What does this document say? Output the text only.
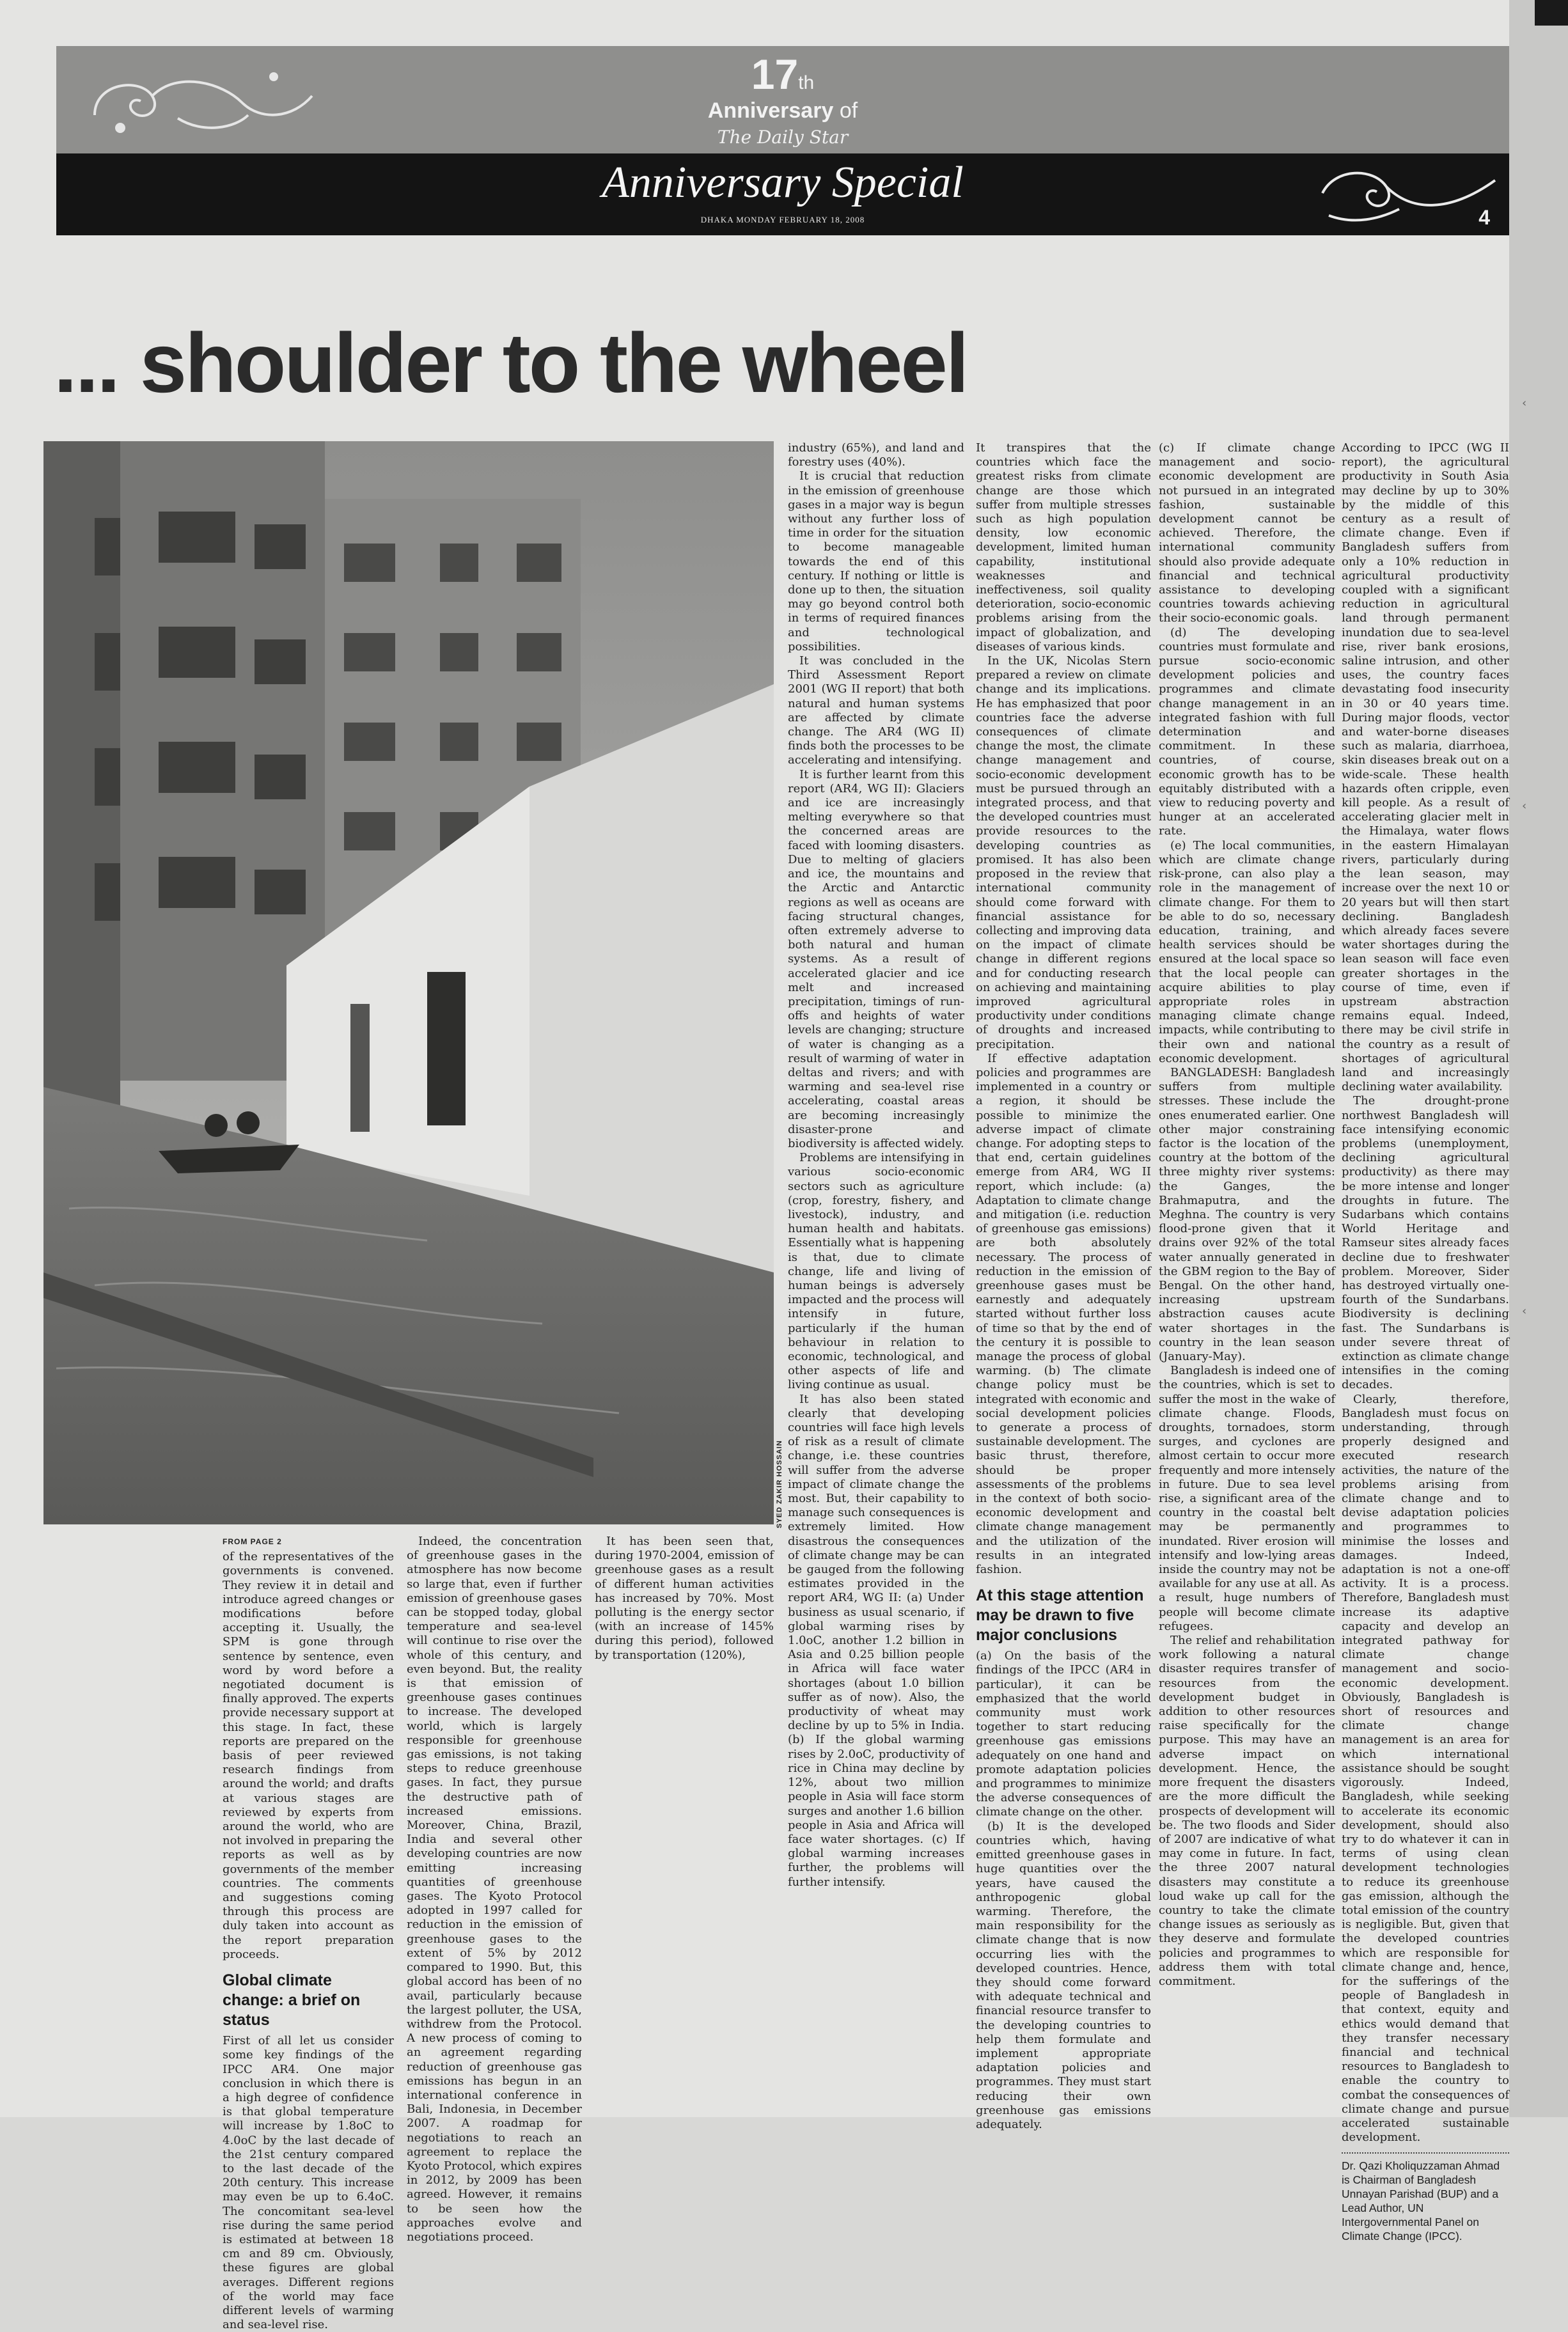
17th
Anniversary of
The Daily Star
Anniversary Special
DHAKA MONDAY FEBRUARY 18, 2008	4
... shoulder to the wheel
SYED ZAKIR HOSSAIN

industry (65%), and land and forestry uses (40%).

It is crucial that reduction in the emission of greenhouse gases in a major way is begun without any further loss of time in order for the situation to become manageable towards the end of this century. If nothing or little is done up to then, the situation may go beyond control both in terms of required finances and technological possibilities.

It was concluded in the Third Assessment Report 2001 (WG II report) that both natural and human systems are affected by climate change. The AR4 (WG II) finds both the processes to be accelerating and intensifying.

It is further learnt from this report (AR4, WG II): Glaciers and ice are increasingly melting everywhere so that the concerned areas are faced with looming disasters. Due to melting of glaciers and ice, the mountains and the Arctic and Antarctic regions as well as oceans are facing structural changes, often extremely adverse to both natural and human systems. As a result of accelerated glacier and ice melt and increased precipitation, timings of run-offs and heights of water levels are changing; structure of water is changing as a result of warming of water in deltas and rivers; and with warming and sea-level rise accelerating, coastal areas are becoming increasingly disaster-prone and biodiversity is affected widely.

Problems are intensifying in various socio-economic sectors such as agriculture (crop, forestry, fishery, and livestock), industry, and human health and habitats. Essentially what is happening is that, due to climate change, life and living of human beings is adversely impacted and the process will intensify in future, particularly if the human behaviour in relation to economic, technological, and other aspects of life and living continue as usual.

It has also been stated clearly that developing countries will face high levels of risk as a result of climate change, i.e. these countries will suffer from the adverse impact of climate change the most. But, their capability to manage such consequences is extremely limited. How disastrous the consequences of climate change may be can be gauged from the following estimates provided in the report AR4, WG II: (a) Under business as usual scenario, if global warming rises by 1.0oC, another 1.2 billion in Asia and 0.25 billion people in Africa will face water shortages (about 1.0 billion suffer as of now). Also, the productivity of wheat may decline by up to 5% in India. (b) If the global warming rises by 2.0oC, productivity of rice in China may decline by 12%, about two million people in Asia will face storm surges and another 1.6 billion people in Asia and Africa will face water shortages. (c) If global warming increases further, the problems will further intensify.

It transpires that the countries which face the greatest risks from climate change are those which suffer from multiple stresses such as high population density, low economic development, limited human capability, institutional weaknesses and ineffectiveness, soil quality deterioration, socio-economic problems arising from the impact of globalization, and diseases of various kinds.

In the UK, Nicolas Stern prepared a review on climate change and its implications. He has emphasized that poor countries face the adverse consequences of climate change the most, the climate change management and socio-economic development must be pursued through an integrated process, and that the developed countries must provide resources to the developing countries as promised. It has also been proposed in the review that international community should come forward with financial assistance for collecting and improving data on the impact of climate change in different regions and for conducting research on achieving and maintaining improved agricultural productivity under conditions of droughts and increased precipitation.

If effective adaptation policies and programmes are implemented in a country or a region, it should be possible to minimize the adverse impact of climate change. For adopting steps to that end, certain guidelines emerge from AR4, WG II report, which include: (a) Adaptation to climate change and mitigation (i.e. reduction of greenhouse gas emissions) are both absolutely necessary. The process of reduction in the emission of greenhouse gases must be earnestly and adequately started without further loss of time so that by the end of the century it is possible to manage the process of global warming. (b) The climate change policy must be integrated with economic and social development policies to generate a process of sustainable development. The basic thrust, therefore, should be proper assessments of the problems in the context of both socio-economic development and climate change management and the utilization of the results in an integrated fashion.

At this stage attention may be drawn to five major conclusions

(a) On the basis of the findings of the IPCC (AR4 in particular), it can be emphasized that the world community must work together to start reducing greenhouse gas emissions adequately on one hand and promote adaptation policies and programmes to minimize the adverse consequences of climate change on the other.

(b) It is the developed countries which, having emitted greenhouse gases in huge quantities over the years, have caused the anthropogenic global warming. Therefore, the main responsibility for the climate change that is now occurring lies with the developed countries. Hence, they should come forward with adequate technical and financial resource transfer to the developing countries to help them formulate and implement appropriate adaptation policies and programmes. They must start reducing their own greenhouse gas emissions adequately.

(c) If climate change management and socio-economic development are not pursued in an integrated fashion, sustainable development cannot be achieved. Therefore, the international community should also provide adequate financial and technical assistance to developing countries towards achieving their socio-economic goals.

(d) The developing countries must formulate and pursue socio-economic development policies and programmes and climate change management in an integrated fashion with full determination and commitment. In these countries, of course, economic growth has to be equitably distributed with a view to reducing poverty and hunger at an accelerated rate.

(e) The local communities, which are climate change risk-prone, can also play a role in the management of climate change. For them to be able to do so, necessary education, training, and health services should be ensured at the local space so that the local people can acquire abilities to play appropriate roles in managing climate change impacts, while contributing to their own and national economic development.

BANGLADESH: Bangladesh suffers from multiple stresses. These include the ones enumerated earlier. One other major constraining factor is the location of the country at the bottom of the three mighty river systems: the Ganges, the Brahmaputra, and the Meghna. The country is very flood-prone given that it drains over 92% of the total water annually generated in the GBM region to the Bay of Bengal. On the other hand, increasing upstream abstraction causes acute water shortages in the country in the lean season (January-May).

Bangladesh is indeed one of the countries, which is set to suffer the most in the wake of climate change. Floods, droughts, tornadoes, storm surges, and cyclones are almost certain to occur more frequently and more intensely in future. Due to sea level rise, a significant area of the country in the coastal belt may be permanently inundated. River erosion will intensify and low-lying areas inside the country may not be available for any use at all. As a result, huge numbers of people will become climate refugees.

The relief and rehabilitation work following a natural disaster requires transfer of resources from the development budget in addition to other resources raise specifically for the purpose. This may have an adverse impact on development. Hence, the more frequent the disasters are the more difficult the prospects of development will be. The two floods and Sider of 2007 are indicative of what may come in future. In fact, the three 2007 natural disasters may constitute a loud wake up call for the country to take the climate change issues as seriously as they deserve and formulate policies and programmes to address them with total commitment.

According to IPCC (WG II report), the agricultural productivity in South Asia may decline by up to 30% by the middle of this century as a result of climate change. Even if Bangladesh suffers from only a 10% reduction in agricultural productivity coupled with a significant reduction in agricultural land through permanent inundation due to sea-level rise, river bank erosions, saline intrusion, and other uses, the country faces devastating food insecurity in 30 or 40 years time. During major floods, vector and water-borne diseases such as malaria, diarrhoea, skin diseases break out on a wide-scale. These health hazards often cripple, even kill people. As a result of accelerating glacier melt in the Himalaya, water flows in the eastern Himalayan rivers, particularly during the lean season, may increase over the next 10 or 20 years but will then start declining. Bangladesh which already faces severe water shortages during the lean season will face even greater shortages in the course of time, even if upstream abstraction remains equal. Indeed, there may be civil strife in the country as a result of shortages of agricultural land and increasingly declining water availability.

The drought-prone northwest Bangladesh will face intensifying economic problems (unemployment, declining agricultural productivity) as there may be more intense and longer droughts in future. The Sudarbans which contains World Heritage and Ramseur sites already faces decline due to freshwater problem. Moreover, Sider has destroyed virtually one-fourth of the Sundarbans. Biodiversity is declining fast. The Sundarbans is under severe threat of extinction as climate change intensifies in the coming decades.

Clearly, therefore, Bangladesh must focus on understanding, through properly designed and executed research activities, the nature of the problems arising from climate change and to devise adaptation policies and programmes to minimise the losses and damages. Indeed, adaptation is not a one-off activity. It is a process. Therefore, Bangladesh must increase its adaptive capacity and develop an integrated pathway for climate change management and socio-economic development. Obviously, Bangladesh is short of resources and climate change management is an area for which international assistance should be sought vigorously. Indeed, Bangladesh, while seeking to accelerate its economic development, should also try to do whatever it can in terms of using clean development technologies to reduce its greenhouse gas emission, although the total emission of the country is negligible. But, given that the developed countries which are responsible for climate change and, hence, for the sufferings of the people of Bangladesh in that context, equity and ethics would demand that they transfer necessary financial and technical resources to Bangladesh to enable the country to combat the consequences of climate change and pursue accelerated sustainable development.

Dr. Qazi Kholiquzzaman Ahmad is Chairman of Bangladesh Unnayan Parishad (BUP) and a Lead Author, UN Intergovernmental Panel on Climate Change (IPCC).

FROM PAGE 2

of the representatives of the governments is convened. They review it in detail and introduce agreed changes or modifications before accepting it. Usually, the SPM is gone through sentence by sentence, even word by word before a negotiated document is finally approved. The experts provide necessary support at this stage. In fact, these reports are prepared on the basis of peer reviewed research findings from around the world; and drafts at various stages are reviewed by experts from around the world, who are not involved in preparing the reports as well as by governments of the member countries. The comments and suggestions coming through this process are duly taken into account as the report preparation proceeds.

Global climate change: a brief on status

First of all let us consider some key findings of the IPCC AR4. One major conclusion in which there is a high degree of confidence is that global temperature will increase by 1.8oC to 4.0oC by the last decade of the 21st century compared to the last decade of the 20th century. This increase may even be up to 6.4oC. The concomitant sea-level rise during the same period is estimated at between 18 cm and 89 cm. Obviously, these figures are global averages. Different regions of the world may face different levels of warming and sea-level rise.

Indeed, the concentration of greenhouse gases in the atmosphere has now become so large that, even if further emission of greenhouse gases can be stopped today, global temperature and sea-level will continue to rise over the whole of this century, and even beyond. But, the reality is that emission of greenhouse gases continues to increase. The developed world, which is largely responsible for greenhouse gas emissions, is not taking steps to reduce greenhouse gases. In fact, they pursue the destructive path of increased emissions. Moreover, China, Brazil, India and several other developing countries are now emitting increasing quantities of greenhouse gases. The Kyoto Protocol adopted in 1997 called for reduction in the emission of greenhouse gases to the extent of 5% by 2012 compared to 1990. But, this global accord has been of no avail, particularly because the largest polluter, the USA, withdrew from the Protocol. A new process of coming to an agreement regarding reduction of greenhouse gas emissions has begun in an international conference in Bali, Indonesia, in December 2007. A roadmap for negotiations to reach an agreement to replace the Kyoto Protocol, which expires in 2012, by 2009 has been agreed. However, it remains to be seen how the approaches evolve and negotiations proceed.

It has been seen that, during 1970-2004, emission of greenhouse gases as a result of different human activities has increased by 70%. Most polluting is the energy sector (with an increase of 145% during this period), followed by transportation (120%),

‹
‹
‹
